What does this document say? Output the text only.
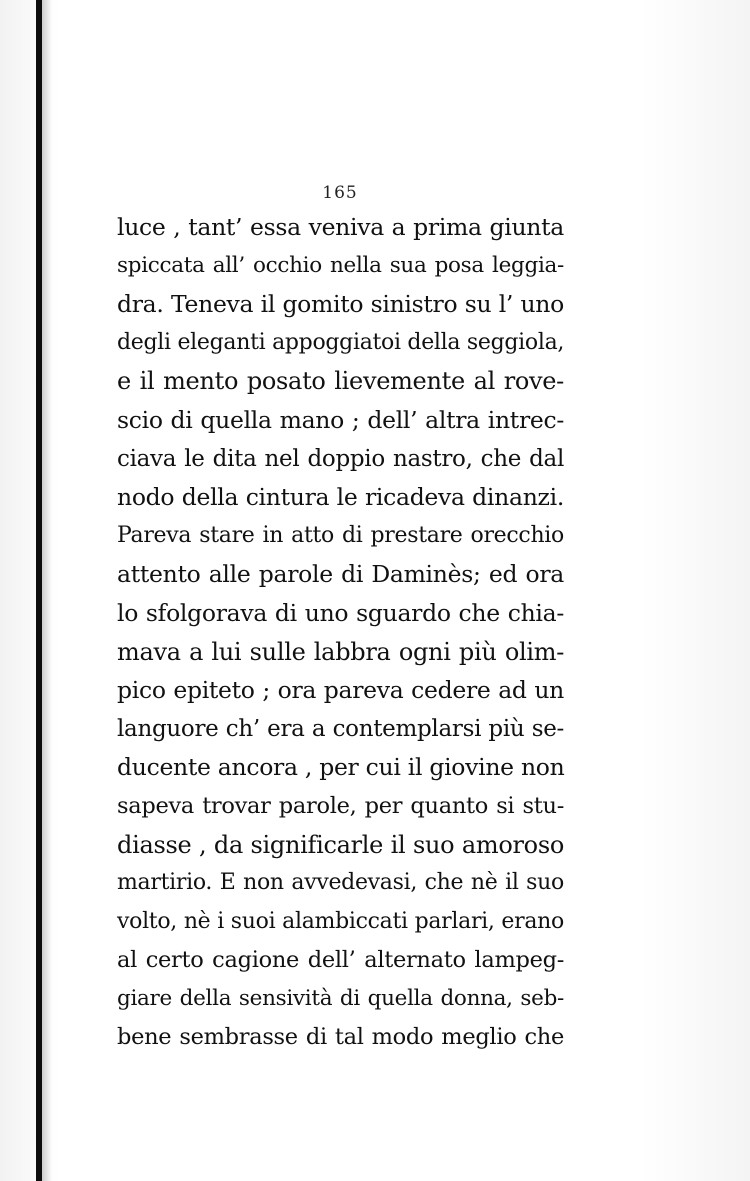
165
luce , tant’ essa veniva a prima giunta
spiccata all’ occhio nella sua posa leggia-
dra. Teneva il gomito sinistro su l’ uno
degli eleganti appoggiatoi della seggiola,
e il mento posato lievemente al rove-
scio di quella mano ; dell’ altra intrec-
ciava le dita nel doppio nastro, che dal
nodo della cintura le ricadeva dinanzi.
Pareva stare in atto di prestare orecchio
attento alle parole di Daminès; ed ora
lo sfolgorava di uno sguardo che chia-
mava a lui sulle labbra ogni più olim-
pico epiteto ; ora pareva cedere ad un
languore ch’ era a contemplarsi più se-
ducente ancora , per cui il giovine non
sapeva trovar parole, per quanto si stu-
diasse , da significarle il suo amoroso
martirio. E non avvedevasi, che nè il suo
volto, nè i suoi alambiccati parlari, erano
al certo cagione dell’ alternato lampeg-
giare della sensività di quella donna, seb-
bene sembrasse di tal modo meglio che
